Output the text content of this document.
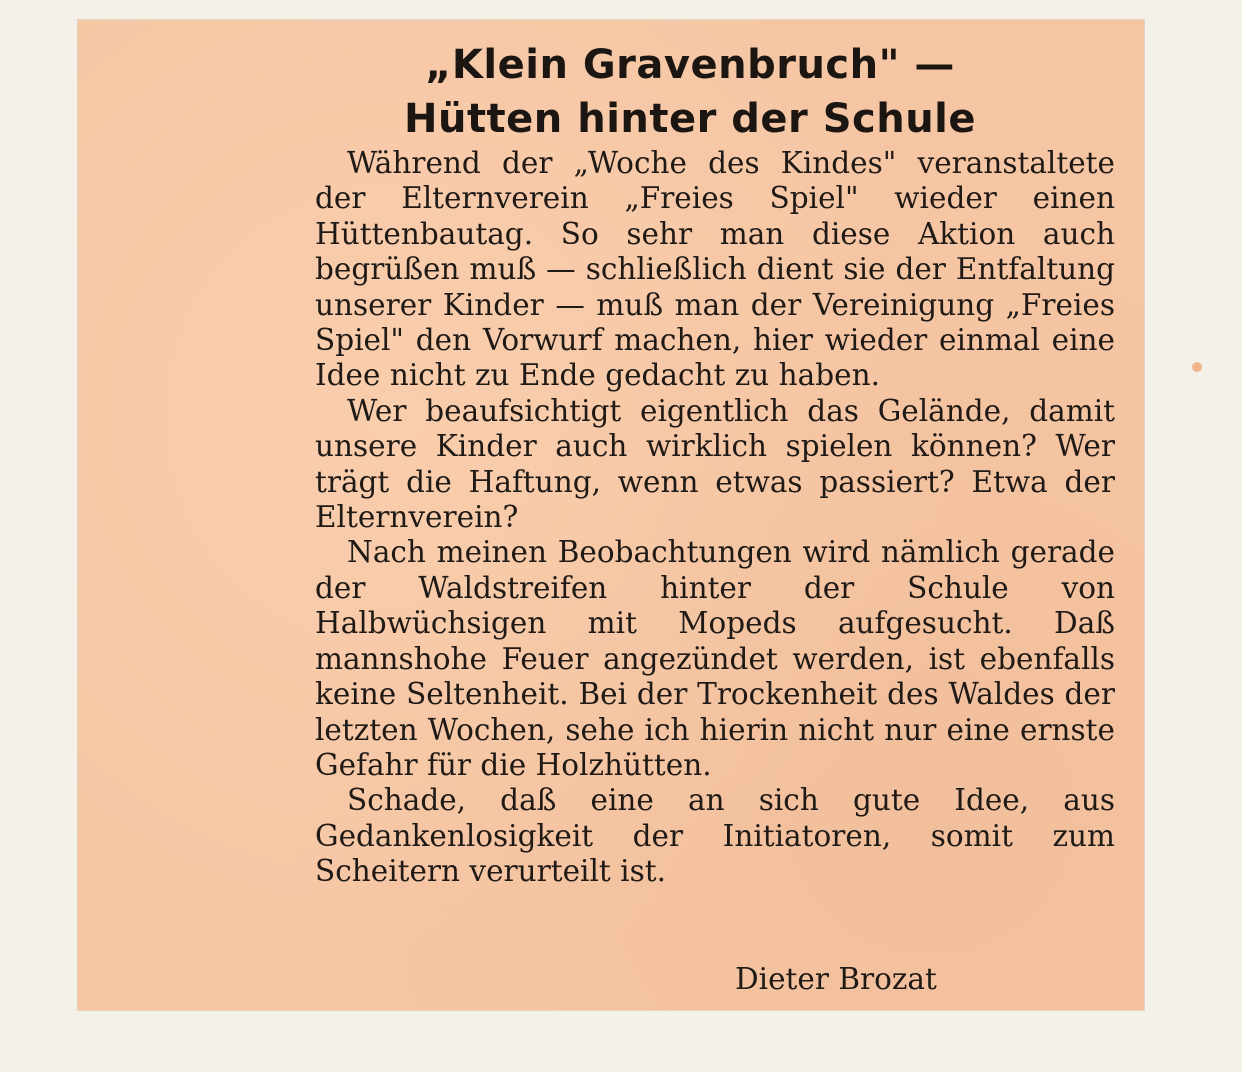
„Klein Gravenbruch" —
Hütten hinter der Schule

Während der „Woche des Kindes" veranstaltete der Elternverein „Freies Spiel" wieder einen Hüttenbautag. So sehr man diese Aktion auch begrüßen muß — schließlich dient sie der Entfaltung unserer Kinder — muß man der Vereinigung „Freies Spiel" den Vorwurf machen, hier wieder einmal eine Idee nicht zu Ende gedacht zu haben.

Wer beaufsichtigt eigentlich das Gelände, damit unsere Kinder auch wirklich spielen können? Wer trägt die Haftung, wenn etwas passiert? Etwa der Elternverein?

Nach meinen Beobachtungen wird nämlich gerade der Waldstreifen hinter der Schule von Halbwüchsigen mit Mopeds aufgesucht. Daß mannshohe Feuer angezündet werden, ist ebenfalls keine Seltenheit. Bei der Trockenheit des Waldes der letzten Wochen, sehe ich hierin nicht nur eine ernste Gefahr für die Holzhütten.

Schade, daß eine an sich gute Idee, aus Gedankenlosigkeit der Initiatoren, somit zum Scheitern verurteilt ist.

Dieter Brozat
